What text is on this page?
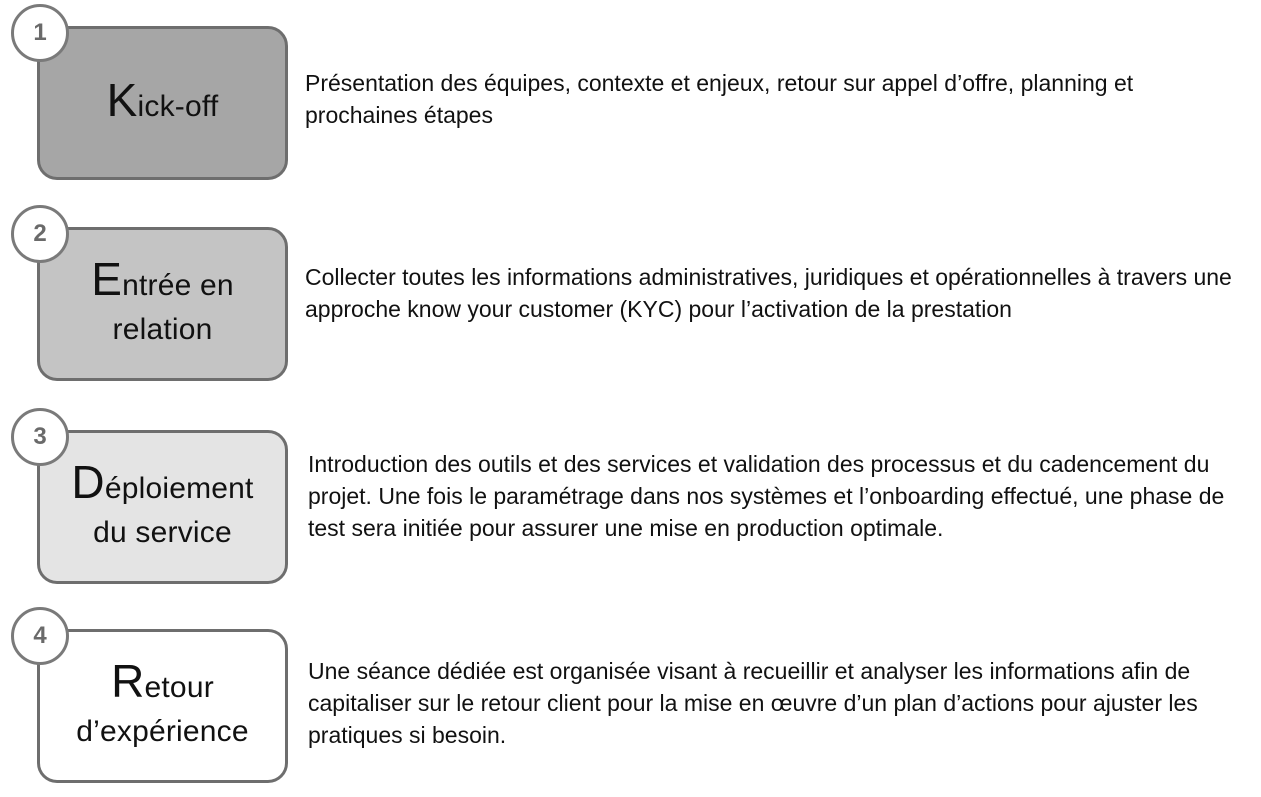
Kick-off
1

Présentation des équipes, contexte et enjeux, retour sur appel d’offre, planning et prochaines étapes

Entrée en
relation
2

Collecter toutes les informations administratives, juridiques et opérationnelles à travers une approche know your customer (KYC) pour l’activation de la prestation

Déploiement
du service
3

Introduction des outils et des services et validation des processus et du cadencement du projet. Une fois le paramétrage dans nos systèmes et l’onboarding effectué, une phase de test sera initiée pour assurer une mise en production optimale.

Retour
d’expérience
4

Une séance dédiée est organisée visant à recueillir et analyser les informations afin de capitaliser sur le retour client pour la mise en œuvre d’un plan d’actions pour ajuster les pratiques si besoin.
